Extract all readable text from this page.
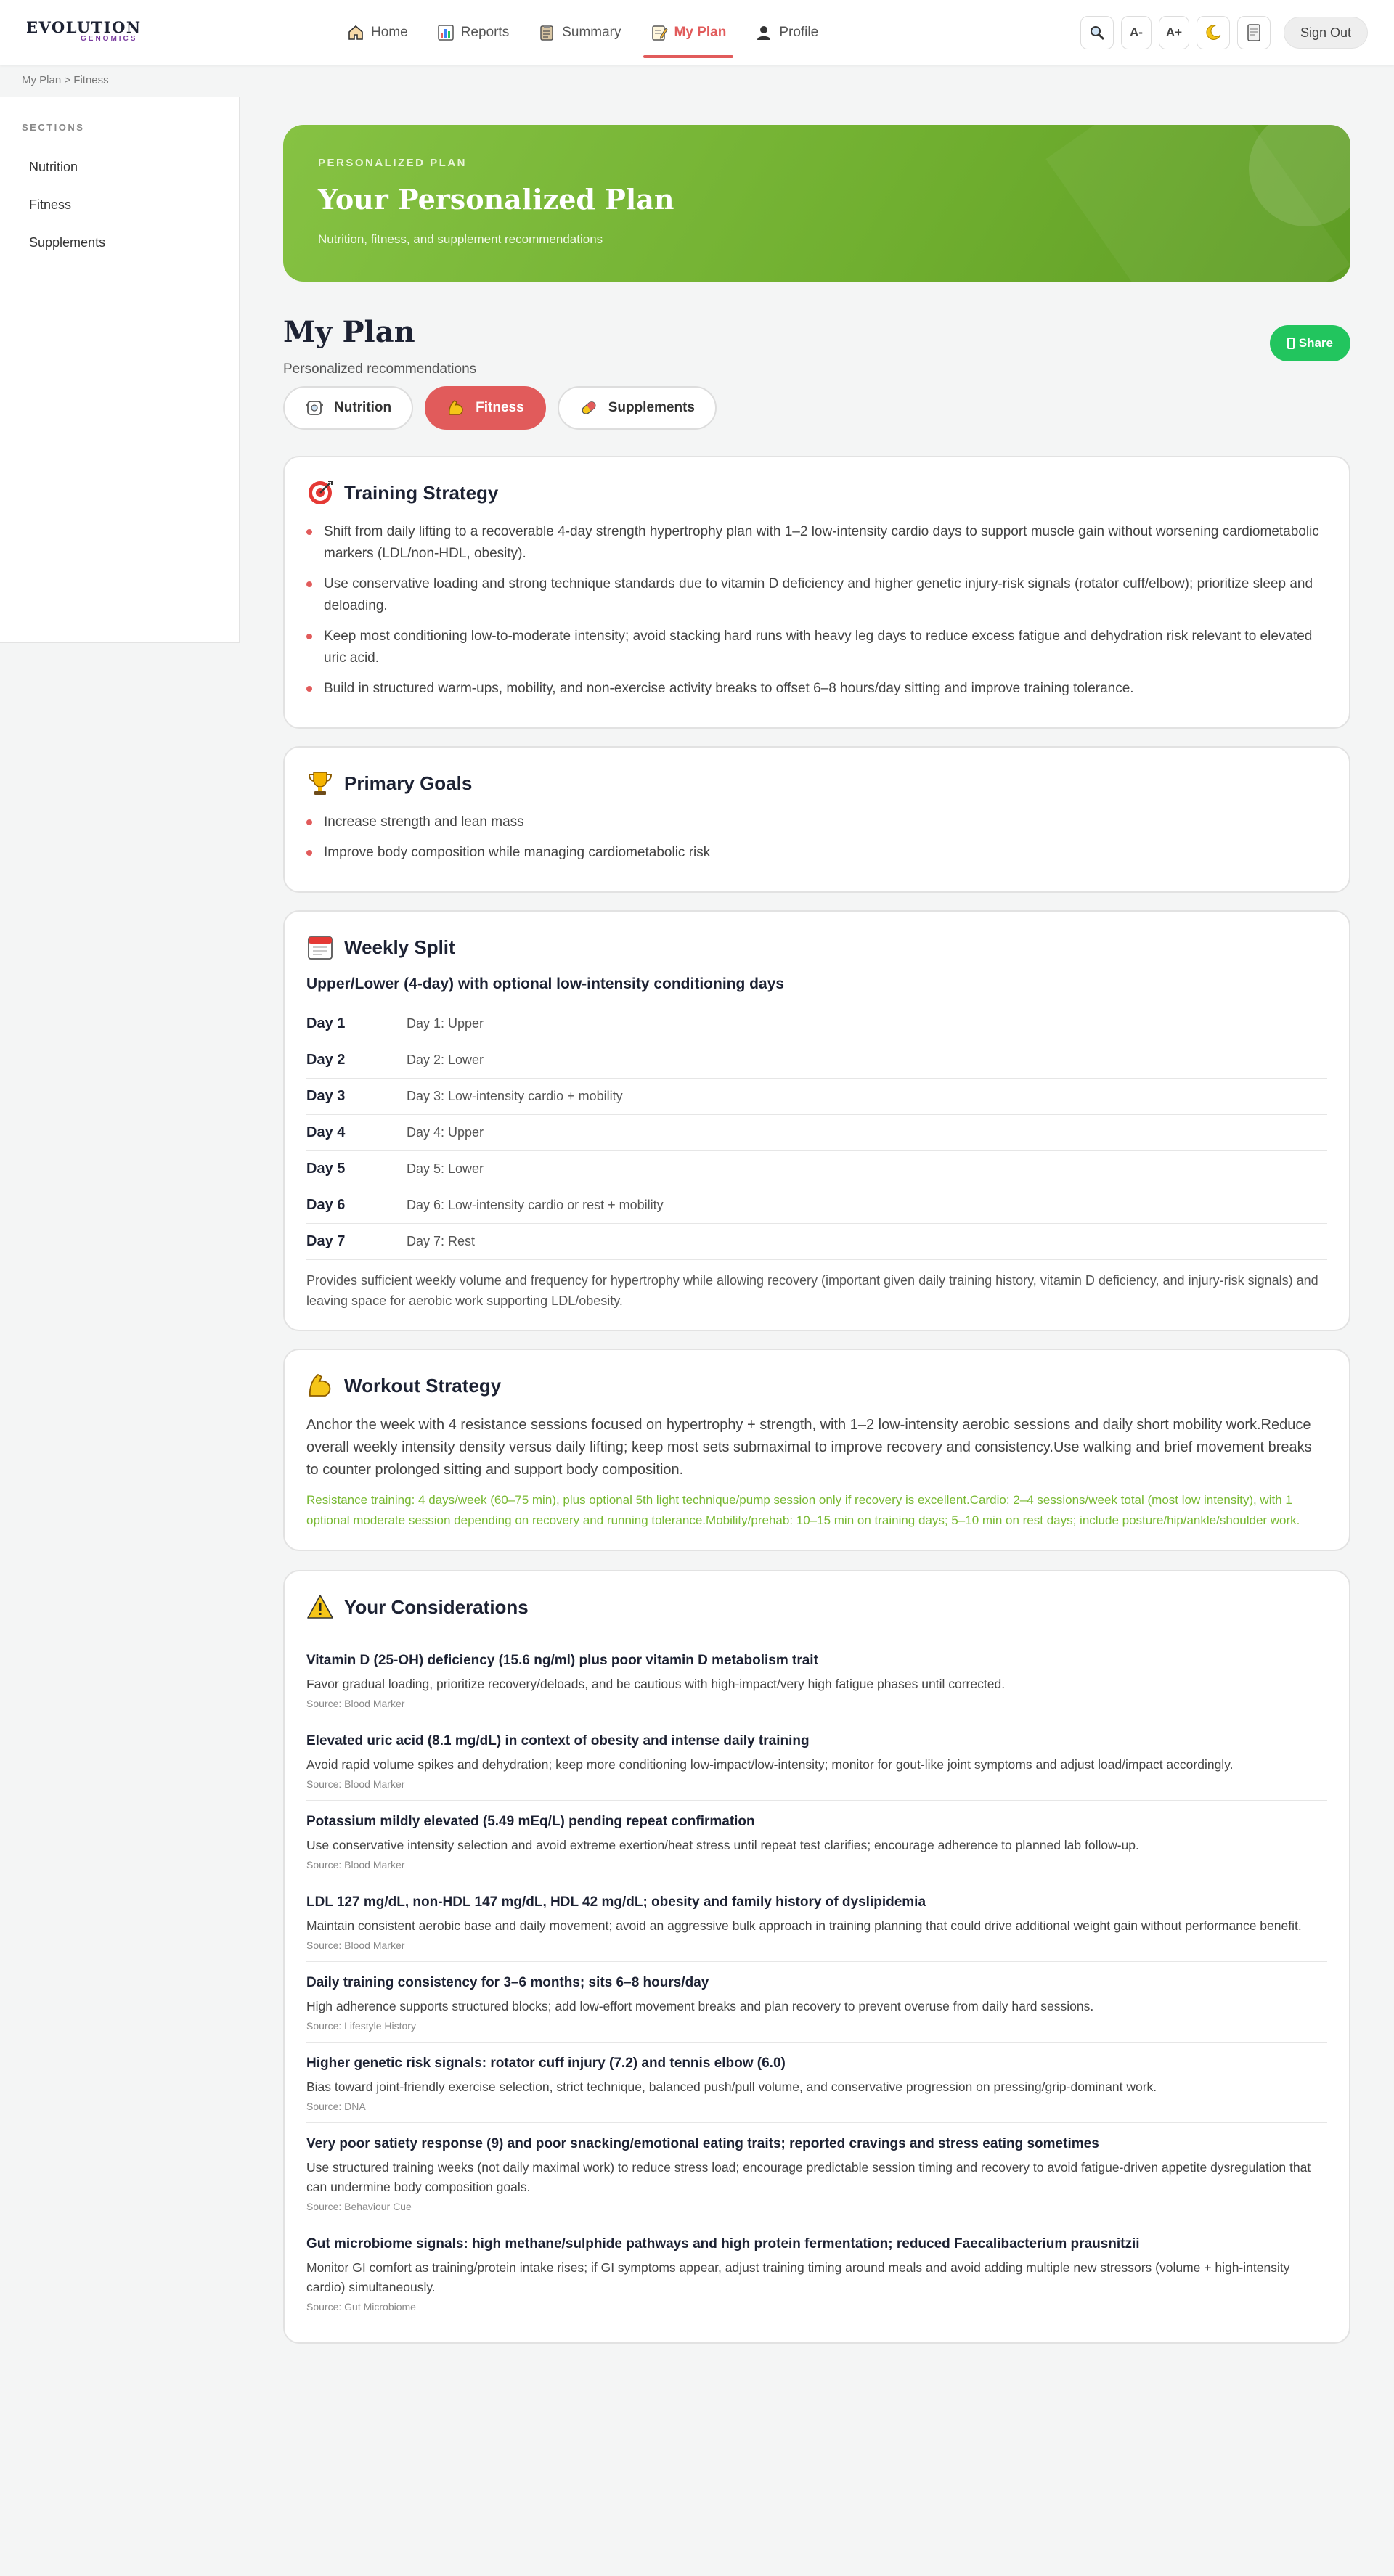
EVOLUTION
GENOMICS	Home	Reports	Summary	My Plan	Profile	A-	A+	Sign Out
My Plan > Fitness
SECTIONS
Nutrition
Fitness
Supplements
PERSONALIZED PLAN
Your Personalized Plan
Nutrition, fitness, and supplement recommendations
My Plan
Personalized recommendations
Share
Nutrition	Fitness	Supplements
Training Strategy
Shift from daily lifting to a recoverable 4-day strength hypertrophy plan with 1–2 low-intensity cardio days to support muscle gain without worsening cardiometabolic markers (LDL/non-HDL, obesity).
Use conservative loading and strong technique standards due to vitamin D deficiency and higher genetic injury-risk signals (rotator cuff/elbow); prioritize sleep and deloading.
Keep most conditioning low-to-moderate intensity; avoid stacking hard runs with heavy leg days to reduce excess fatigue and dehydration risk relevant to elevated uric acid.
Build in structured warm-ups, mobility, and non-exercise activity breaks to offset 6–8 hours/day sitting and improve training tolerance.
Primary Goals
Increase strength and lean mass
Improve body composition while managing cardiometabolic risk
Weekly Split
Upper/Lower (4-day) with optional low-intensity conditioning days
Day 1	Day 1: Upper
Day 2	Day 2: Lower
Day 3	Day 3: Low-intensity cardio + mobility
Day 4	Day 4: Upper
Day 5	Day 5: Lower
Day 6	Day 6: Low-intensity cardio or rest + mobility
Day 7	Day 7: Rest
Provides sufficient weekly volume and frequency for hypertrophy while allowing recovery (important given daily training history, vitamin D deficiency, and injury-risk signals) and leaving space for aerobic work supporting LDL/obesity.
Workout Strategy
Anchor the week with 4 resistance sessions focused on hypertrophy + strength, with 1–2 low-intensity aerobic sessions and daily short mobility work.Reduce overall weekly intensity density versus daily lifting; keep most sets submaximal to improve recovery and consistency.Use walking and brief movement breaks to counter prolonged sitting and support body composition.
Resistance training: 4 days/week (60–75 min), plus optional 5th light technique/pump session only if recovery is excellent.Cardio: 2–4 sessions/week total (most low intensity), with 1 optional moderate session depending on recovery and running tolerance.Mobility/prehab: 10–15 min on training days; 5–10 min on rest days; include posture/hip/ankle/shoulder work.
Your Considerations
Vitamin D (25-OH) deficiency (15.6 ng/ml) plus poor vitamin D metabolism trait
Favor gradual loading, prioritize recovery/deloads, and be cautious with high-impact/very high fatigue phases until corrected.
Source: Blood Marker
Elevated uric acid (8.1 mg/dL) in context of obesity and intense daily training
Avoid rapid volume spikes and dehydration; keep more conditioning low-impact/low-intensity; monitor for gout-like joint symptoms and adjust load/impact accordingly.
Source: Blood Marker
Potassium mildly elevated (5.49 mEq/L) pending repeat confirmation
Use conservative intensity selection and avoid extreme exertion/heat stress until repeat test clarifies; encourage adherence to planned lab follow-up.
Source: Blood Marker
LDL 127 mg/dL, non-HDL 147 mg/dL, HDL 42 mg/dL; obesity and family history of dyslipidemia
Maintain consistent aerobic base and daily movement; avoid an aggressive bulk approach in training planning that could drive additional weight gain without performance benefit.
Source: Blood Marker
Daily training consistency for 3–6 months; sits 6–8 hours/day
High adherence supports structured blocks; add low-effort movement breaks and plan recovery to prevent overuse from daily hard sessions.
Source: Lifestyle History
Higher genetic risk signals: rotator cuff injury (7.2) and tennis elbow (6.0)
Bias toward joint-friendly exercise selection, strict technique, balanced push/pull volume, and conservative progression on pressing/grip-dominant work.
Source: DNA
Very poor satiety response (9) and poor snacking/emotional eating traits; reported cravings and stress eating sometimes
Use structured training weeks (not daily maximal work) to reduce stress load; encourage predictable session timing and recovery to avoid fatigue-driven appetite dysregulation that can undermine body composition goals.
Source: Behaviour Cue
Gut microbiome signals: high methane/sulphide pathways and high protein fermentation; reduced Faecalibacterium prausnitzii
Monitor GI comfort as training/protein intake rises; if GI symptoms appear, adjust training timing around meals and avoid adding multiple new stressors (volume + high-intensity cardio) simultaneously.
Source: Gut Microbiome
